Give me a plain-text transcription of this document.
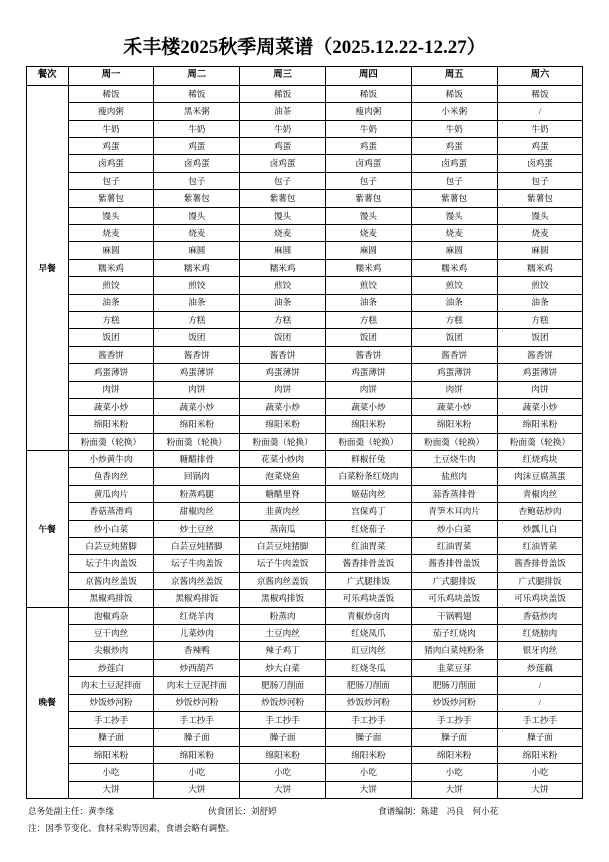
禾丰楼2025秋季周菜谱（2025.12.22-12.27）
餐次	周一	周二	周三	周四	周五	周六
早餐	稀饭	稀饭	稀饭	稀饭	稀饭	稀饭
	瘦肉粥	黑米粥	油茶	瘦肉粥	小米粥	/
	牛奶	牛奶	牛奶	牛奶	牛奶	牛奶
	鸡蛋	鸡蛋	鸡蛋	鸡蛋	鸡蛋	鸡蛋
	卤鸡蛋	卤鸡蛋	卤鸡蛋	卤鸡蛋	卤鸡蛋	卤鸡蛋
	包子	包子	包子	包子	包子	包子
	紫薯包	紫薯包	紫薯包	紫薯包	紫薯包	紫薯包
	馒头	馒头	馒头	馒头	馒头	馒头
	烧麦	烧麦	烧麦	烧麦	烧麦	烧麦
	麻圆	麻圆	麻圆	麻圆	麻圆	麻圆
	糯米鸡	糯米鸡	糯米鸡	糯米鸡	糯米鸡	糯米鸡
	煎饺	煎饺	煎饺	煎饺	煎饺	煎饺
	油条	油条	油条	油条	油条	油条
	方糕	方糕	方糕	方糕	方糕	方糕
	饭团	饭团	饭团	饭团	饭团	饭团
	酱香饼	酱香饼	酱香饼	酱香饼	酱香饼	酱香饼
	鸡蛋薄饼	鸡蛋薄饼	鸡蛋薄饼	鸡蛋薄饼	鸡蛋薄饼	鸡蛋薄饼
	肉饼	肉饼	肉饼	肉饼	肉饼	肉饼
	蔬菜小炒	蔬菜小炒	蔬菜小炒	蔬菜小炒	蔬菜小炒	蔬菜小炒
	绵阳米粉	绵阳米粉	绵阳米粉	绵阳米粉	绵阳米粉	绵阳米粉
	粉面羮（轮换）	粉面羮（轮换）	粉面羮（轮换）	粉面羮（轮换）	粉面羮（轮换）	粉面羮（轮换）
午餐	小炒黄牛肉	糖醋排骨	花菜小炒肉	鲜椒仔兔	土豆烧牛肉	红烧鸡块
	鱼香肉丝	回锅肉	泡菜烧鱼	白菜粉条红烧肉	盐煎肉	肉沫豆腐蒸蛋
	黄瓜肉片	粉蒸鸡腿	糖醋里脊	姬菇肉丝	蒜香蒸排骨	青椒肉丝
	香菇蒸滑鸡	甜椒肉丝	韭黄肉丝	宫保鸡丁	青笋木耳肉片	杏鲍菇炒肉
	炒小白菜	炒土豆丝	蒸南瓜	红烧茄子	炒小白菜	炒瓢儿白
	白芸豆炖猪脚	白芸豆炖猪脚	白芸豆炖猪脚	红油胃菜	红油胃菜	红油胃菜
	坛子牛肉盖饭	坛子牛肉盖饭	坛子牛肉盖饭	酱香排骨盖饭	酱香排骨盖饭	酱香排骨盖饭
	京酱肉丝盖饭	京酱肉丝盖饭	京酱肉丝盖饭	广式腿排饭	广式腿排饭	广式腿排饭
	黑椒鸡排饭	黑椒鸡排饭	黑椒鸡排饭	可乐鸡块盖饭	可乐鸡块盖饭	可乐鸡块盖饭
晚餐	泡椒鸡杂	红烧羊肉	粉蒸肉	青椒炒卤肉	干锅鸭翅	香菇炒肉
	豆干肉丝	儿菜炒肉	土豆肉丝	红烧凤爪	茄子红烧肉	红烧膀肉
	尖椒炒肉	香辣鸭	辣子鸡丁	豇豆肉丝	猪肉白菜炖粉条	银牙肉丝
	炒莲白	炒西葫芦	炒大白菜	红烧冬瓜	韭菜豆芽	炒莲藕
	肉末土豆泥拌面	肉末土豆泥拌面	肥肠刀削面	肥肠刀削面	肥肠刀削面	/
	炒饭炒河粉	炒饭炒河粉	炒饭炒河粉	炒饭炒河粉	炒饭炒河粉	/
	手工抄手	手工抄手	手工抄手	手工抄手	手工抄手	手工抄手
	臊子面	臊子面	臊子面	臊子面	臊子面	臊子面
	绵阳米粉	绵阳米粉	绵阳米粉	绵阳米粉	绵阳米粉	绵阳米粉
	小吃	小吃	小吃	小吃	小吃	小吃
	大饼	大饼	大饼	大饼	大饼	大饼
总务处副主任：黄李缘	伙食团长：刘舒婷	食谱编制：陈建　冯良　何小花
注：因季节变化、食材采购等因素，食谱会略有调整。
